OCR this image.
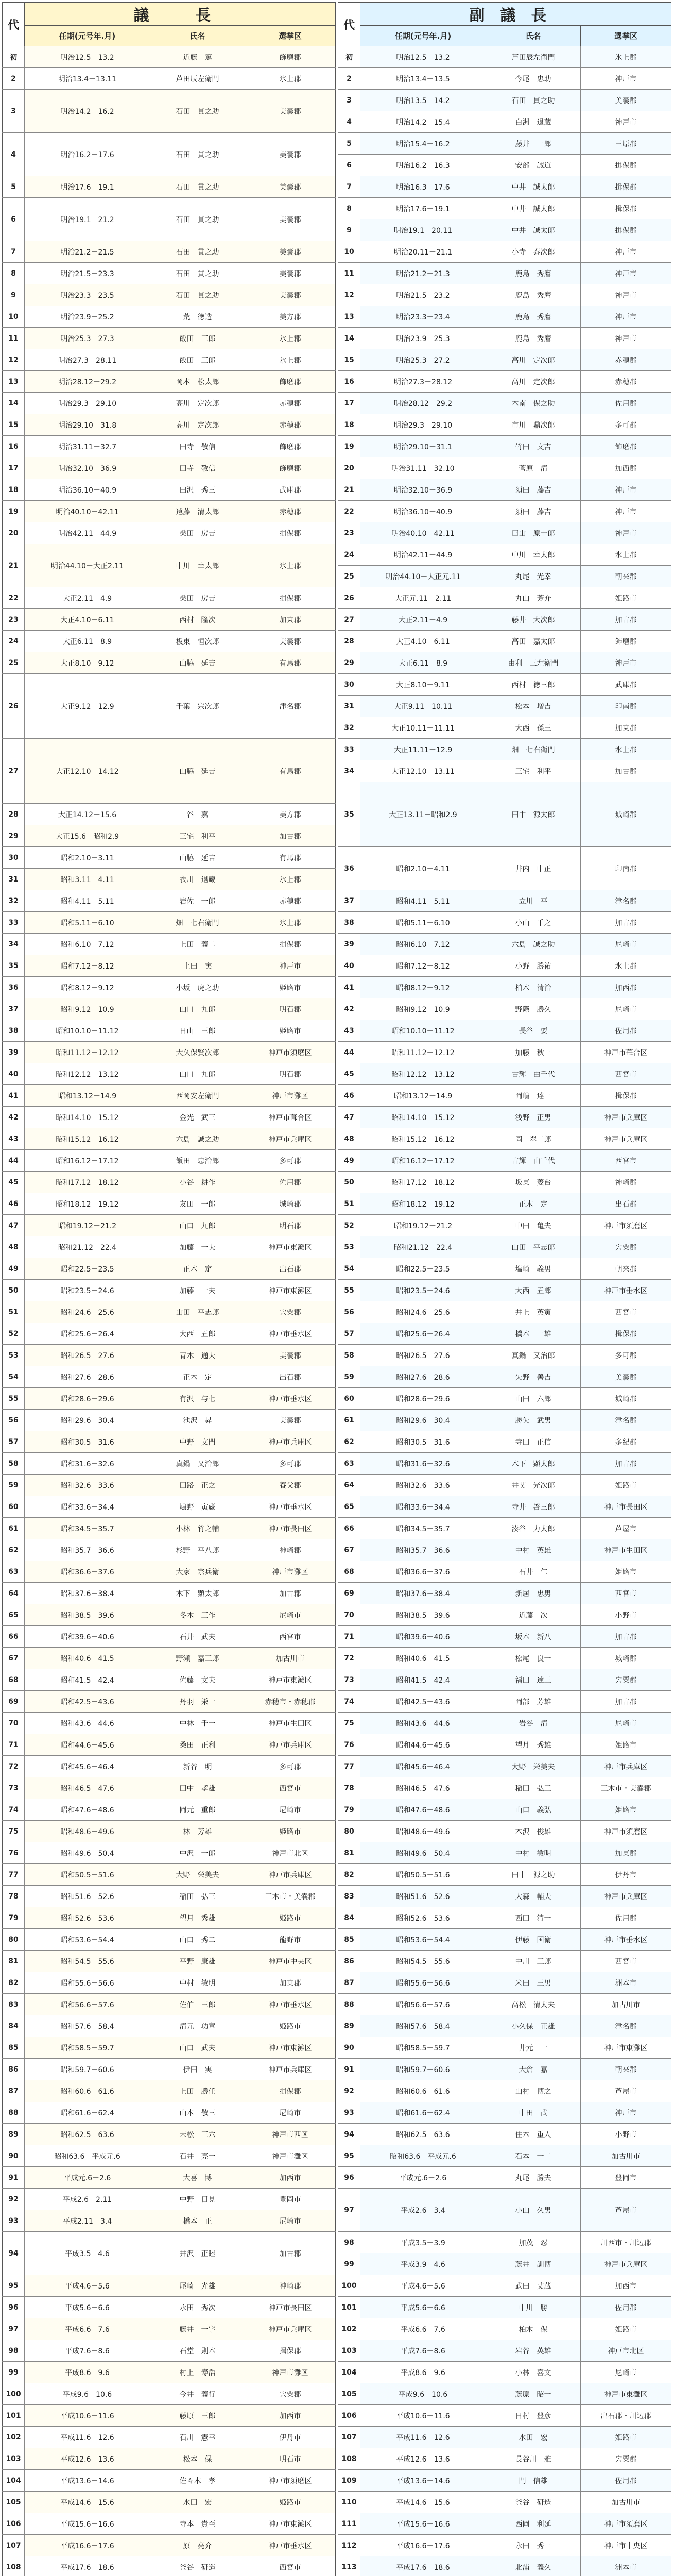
代
議　長
任期(元号年.月)	氏名	選挙区
初	明治12.5－13.2	近藤　篤	飾磨郡
2	明治13.4－13.11	芦田辰左衛門	氷上郡
3	明治14.2－16.2	石田　貫之助	美嚢郡
4	明治16.2－17.6	石田　貫之助	美嚢郡
5	明治17.6－19.1	石田　貫之助	美嚢郡
6	明治19.1－21.2	石田　貫之助	美嚢郡
7	明治21.2－21.5	石田　貫之助	美嚢郡
8	明治21.5－23.3	石田　貫之助	美嚢郡
9	明治23.3－23.5	石田　貫之助	美嚢郡
10	明治23.9－25.2	荒　徳造	美方郡
11	明治25.3－27.3	飯田　三郎	氷上郡
12	明治27.3－28.11	飯田　三郎	氷上郡
13	明治28.12－29.2	岡本　松太郎	飾磨郡
14	明治29.3－29.10	高川　定次郎	赤穂郡
15	明治29.10－31.8	高川　定次郎	赤穂郡
16	明治31.11－32.7	田寺　敬信	飾磨郡
17	明治32.10－36.9	田寺　敬信	飾磨郡
18	明治36.10－40.9	田沢　秀三	武庫郡
19	明治40.10－42.11	遠藤　清太郎	赤穂郡
20	明治42.11－44.9	桑田　房吉	揖保郡
21	明治44.10－大正2.11	中川　幸太郎	氷上郡
22	大正2.11－4.9	桑田　房吉	揖保郡
23	大正4.10－6.11	西村　隆次	加東郡
24	大正6.11－8.9	板東　恒次郎	美嚢郡
25	大正8.10－9.12	山脇　延吉	有馬郡
26	大正9.12－12.9	千葉　宗次郎	津名郡
27	大正12.10－14.12	山脇　延吉	有馬郡
28	大正14.12－15.6	谷　嘉	美方郡
29	大正15.6－昭和2.9	三宅　利平	加古郡
30	昭和2.10－3.11	山脇　延吉	有馬郡
31	昭和3.11－4.11	衣川　退蔵	氷上郡
32	昭和4.11－5.11	岩佐　一郎	赤穂郡
33	昭和5.11－6.10	畑　七右衛門	氷上郡
34	昭和6.10－7.12	上田　義二	揖保郡
35	昭和7.12－8.12	上田　実	神戸市
36	昭和8.12－9.12	小坂　虎之助	姫路市
37	昭和9.12－10.9	山口　九郎	明石郡
38	昭和10.10－11.12	日山　三郎	姫路市
39	昭和11.12－12.12	大久保賢次郎	神戸市須磨区
40	昭和12.12－13.12	山口　九郎	明石郡
41	昭和13.12－14.9	西岡安左衛門	神戸市灘区
42	昭和14.10－15.12	金光　武三	神戸市葺合区
43	昭和15.12－16.12	六島　誠之助	神戸市兵庫区
44	昭和16.12－17.12	飯田　忠治郎	多可郡
45	昭和17.12－18.12	小谷　耕作	佐用郡
46	昭和18.12－19.12	友田　一郎	城崎郡
47	昭和19.12－21.2	山口　九郎	明石郡
48	昭和21.12－22.4	加藤　一夫	神戸市東灘区
49	昭和22.5－23.5	正木　定	出石郡
50	昭和23.5－24.6	加藤　一夫	神戸市東灘区
51	昭和24.6－25.6	山田　平志郎	宍粟郡
52	昭和25.6－26.4	大西　五郎	神戸市垂水区
53	昭和26.5－27.6	青木　通夫	美嚢郡
54	昭和27.6－28.6	正木　定	出石郡
55	昭和28.6－29.6	有沢　与七	神戸市垂水区
56	昭和29.6－30.4	池沢　昇	美嚢郡
57	昭和30.5－31.6	中野　文門	神戸市兵庫区
58	昭和31.6－32.6	真鍋　又治郎	多可郡
59	昭和32.6－33.6	田路　正之	養父郡
60	昭和33.6－34.4	鳩野　寅蔵	神戸市垂水区
61	昭和34.5－35.7	小林　竹之輔	神戸市長田区
62	昭和35.7－36.6	杉野　平八郎	神崎郡
63	昭和36.6－37.6	大家　宗兵衛	神戸市灘区
64	昭和37.6－38.4	木下　顕太郎	加古郡
65	昭和38.5－39.6	冬木　三作	尼崎市
66	昭和39.6－40.6	石井　武夫	西宮市
67	昭和40.6－41.5	野瀬　嘉三郎	加古川市
68	昭和41.5－42.4	佐藤　文夫	神戸市東灘区
69	昭和42.5－43.6	丹羽　栄一	赤穂市・赤穂郡
70	昭和43.6－44.6	中林　千一	神戸市生田区
71	昭和44.6－45.6	桑田　正利	神戸市兵庫区
72	昭和45.6－46.4	新谷　明	多可郡
73	昭和46.5－47.6	田中　孝雄	西宮市
74	昭和47.6－48.6	岡元　重郎	尼崎市
75	昭和48.6－49.6	林　芳雄	姫路市
76	昭和49.6－50.4	中沢　一郎	神戸市北区
77	昭和50.5－51.6	大野　栄美夫	神戸市兵庫区
78	昭和51.6－52.6	稲田　弘三	三木市・美嚢郡
79	昭和52.6－53.6	望月　秀雄	姫路市
80	昭和53.6－54.4	山口　秀二	龍野市
81	昭和54.5－55.6	平野　康雄	神戸市中央区
82	昭和55.6－56.6	中村　敏明	加東郡
83	昭和56.6－57.6	佐伯　三郎	神戸市垂水区
84	昭和57.6－58.4	清元　功章	姫路市
85	昭和58.5－59.7	山口　武夫	神戸市東灘区
86	昭和59.7－60.6	伊田　実	神戸市兵庫区
87	昭和60.6－61.6	上田　勝任	揖保郡
88	昭和61.6－62.4	山本　敬三	尼崎市
89	昭和62.5－63.6	末松　三六	神戸市西区
90	昭和63.6－平成元.6	石井　亮一	神戸市灘区
91	平成元.6－2.6	大喜　博	加西市
92	平成2.6－2.11	中野　日見	豊岡市
93	平成2.11－3.4	橋本　正	尼崎市
94	平成3.5－4.6	井沢　正睦	加古郡
95	平成4.6－5.6	尾崎　光雄	神崎郡
96	平成5.6－6.6	永田　秀次	神戸市長田区
97	平成6.6－7.6	藤井　一字	神戸市兵庫区
98	平成7.6－8.6	石堂　則本	揖保郡
99	平成8.6－9.6	村上　寿浩	神戸市灘区
100	平成9.6－10.6	今井　義行	宍粟郡
101	平成10.6－11.6	藤原　三郎	加西市
102	平成11.6－12.6	石川　憲幸	伊丹市
103	平成12.6－13.6	松本　保	明石市
104	平成13.6－14.6	佐々木　孝	神戸市須磨区
105	平成14.6－15.6	水田　宏	姫路市
106	平成15.6－16.6	寺本　貴至	神戸市東灘区
107	平成16.6－17.6	原　亮介	神戸市垂水区
108	平成17.6－18.6	釜谷　研造	西宮市
代
副議長
任期(元号年.月)	氏名	選挙区
初	明治12.5－13.2	芦田辰左衛門	氷上郡
2	明治13.4－13.5	今尾　忠助	神戸市
3	明治13.5－14.2	石田　貫之助	美嚢郡
4	明治14.2－15.4	白洲　退蔵	神戸市
5	明治15.4－16.2	藤井　一郎	三原郡
6	明治16.2－16.3	安部　誠道	揖保郡
7	明治16.3－17.6	中井　誠太郎	揖保郡
8	明治17.6－19.1	中井　誠太郎	揖保郡
9	明治19.1－20.11	中井　誠太郎	揖保郡
10	明治20.11－21.1	小寺　泰次郎	神戸市
11	明治21.2－21.3	鹿島　秀麿	神戸市
12	明治21.5－23.2	鹿島　秀麿	神戸市
13	明治23.3－23.4	鹿島　秀麿	神戸市
14	明治23.9－25.3	鹿島　秀麿	神戸市
15	明治25.3－27.2	高川　定次郎	赤穂郡
16	明治27.3－28.12	高川　定次郎	赤穂郡
17	明治28.12－29.2	木南　保之助	佐用郡
18	明治29.3－29.10	市川　鼎次郎	多可郡
19	明治29.10－31.1	竹田　文吉	飾磨郡
20	明治31.11－32.10	菅原　清	加西郡
21	明治32.10－36.9	須田　藤吉	神戸市
22	明治36.10－40.9	須田　藤吉	神戸市
23	明治40.10－42.11	曰山　原十郎	神戸市
24	明治42.11－44.9	中川　幸太郎	氷上郡
25	明治44.10－大正元.11	丸尾　光幸	朝来郡
26	大正元.11－2.11	丸山　芳介	姫路市
27	大正2.11－4.9	藤井　大次郎	加古郡
28	大正4.10－6.11	高田　嘉太郎	飾磨郡
29	大正6.11－8.9	由利　三左衛門	神戸市
30	大正8.10－9.11	西村　徳三郎	武庫郡
31	大正9.11－10.11	松本　増吉	印南郡
32	大正10.11－11.11	大西　孫三	加東郡
33	大正11.11－12.9	畑　七右衛門	氷上郡
34	大正12.10－13.11	三宅　利平	加古郡
35	大正13.11－昭和2.9	田中　源太郎	城崎郡
36	昭和2.10－4.11	井内　中正	印南郡
37	昭和4.11－5.11	立川　平	津名郡
38	昭和5.11－6.10	小山　千之	加古郡
39	昭和6.10－7.12	六島　誠之助	尼崎市
40	昭和7.12－8.12	小野　勝祐	氷上郡
41	昭和8.12－9.12	柏木　清治	加西郡
42	昭和9.12－10.9	野際　勝久	尼崎市
43	昭和10.10－11.12	長谷　要	佐用郡
44	昭和11.12－12.12	加藤　秋一	神戸市葺合区
45	昭和12.12－13.12	古輝　由千代	西宮市
46	昭和13.12－14.9	岡嶋　達一	揖保郡
47	昭和14.10－15.12	浅野　正男	神戸市兵庫区
48	昭和15.12－16.12	岡　翠二郎	神戸市兵庫区
49	昭和16.12－17.12	古輝　由千代	西宮市
50	昭和17.12－18.12	坂東　菱台	神崎郡
51	昭和18.12－19.12	正木　定	出石郡
52	昭和19.12－21.2	中田　亀夫	神戸市須磨区
53	昭和21.12－22.4	山田　平志郎	宍粟郡
54	昭和22.5－23.5	塩崎　義男	朝来郡
55	昭和23.5－24.6	大西　五郎	神戸市垂水区
56	昭和24.6－25.6	井上　英寅	西宮市
57	昭和25.6－26.4	橋本　一雄	揖保郡
58	昭和26.5－27.6	真鍋　又治郎	多可郡
59	昭和27.6－28.6	矢野　善吉	美嚢郡
60	昭和28.6－29.6	山田　六郎	城崎郡
61	昭和29.6－30.4	勝矢　武男	津名郡
62	昭和30.5－31.6	寺田　正信	多紀郡
63	昭和31.6－32.6	木下　顕太郎	加古郡
64	昭和32.6－33.6	井関　光次郎	姫路市
65	昭和33.6－34.4	寺井　啓三郎	神戸市長田区
66	昭和34.5－35.7	湊谷　力太郎	芦屋市
67	昭和35.7－36.6	中村　英雄	神戸市生田区
68	昭和36.6－37.6	石井　仁	姫路市
69	昭和37.6－38.4	新居　忠男	西宮市
70	昭和38.5－39.6	近藤　次	小野市
71	昭和39.6－40.6	坂本　新八	加古郡
72	昭和40.6－41.5	松尾　良一	城崎郡
73	昭和41.5－42.4	福田　達三	宍粟郡
74	昭和42.5－43.6	岡部　芳雄	加古郡
75	昭和43.6－44.6	岩谷　清	尼崎市
76	昭和44.6－45.6	望月　秀雄	姫路市
77	昭和45.6－46.4	大野　栄美夫	神戸市兵庫区
78	昭和46.5－47.6	稲田　弘三	三木市・美嚢郡
79	昭和47.6－48.6	山口　義弘	姫路市
80	昭和48.6－49.6	木沢　俊雄	神戸市須磨区
81	昭和49.6－50.4	中村　敏明	加東郡
82	昭和50.5－51.6	田中　源之助	伊丹市
83	昭和51.6－52.6	大森　輔夫	神戸市兵庫区
84	昭和52.6－53.6	西田　清一	佐用郡
85	昭和53.6－54.4	伊藤　国衛	神戸市垂水区
86	昭和54.5－55.6	中川　三郎	西宮市
87	昭和55.6－56.6	米田　三男	洲本市
88	昭和56.6－57.6	高松　清太夫	加古川市
89	昭和57.6－58.4	小久保　正雄	津名郡
90	昭和58.5－59.7	井元　一	神戸市東灘区
91	昭和59.7－60.6	大倉　嘉	朝来郡
92	昭和60.6－61.6	山村　博之	芦屋市
93	昭和61.6－62.4	中田　武	神戸市
94	昭和62.5－63.6	住本　重人	小野市
95	昭和63.6－平成元.6	石本　一二	加古川市
96	平成元.6－2.6	丸尾　勝夫	豊岡市
97	平成2.6－3.4	小山　久男	芦屋市
98	平成3.5－3.9	加茂　忍	川西市・川辺郡
99	平成3.9－4.6	藤井　訓博	神戸市兵庫区
100	平成4.6－5.6	武田　丈蔵	加西市
101	平成5.6－6.6	中川　勝	佐用郡
102	平成6.6－7.6	柏木　保	姫路市
103	平成7.6－8.6	岩谷　英雄	神戸市北区
104	平成8.6－9.6	小林　喜文	尼崎市
105	平成9.6－10.6	藤原　昭一	神戸市東灘区
106	平成10.6－11.6	日村　豊彦	出石郡・川辺郡
107	平成11.6－12.6	水田　宏	姫路市
108	平成12.6－13.6	長谷川　雅	宍粟郡
109	平成13.6－14.6	門　信雄	佐用郡
110	平成14.6－15.6	釜谷　研造	加古川市
111	平成15.6－16.6	西岡　利延	神戸市須磨区
112	平成16.6－17.6	永田　秀一	神戸市中央区
113	平成17.6－18.6	北浦　義久	洲本市
